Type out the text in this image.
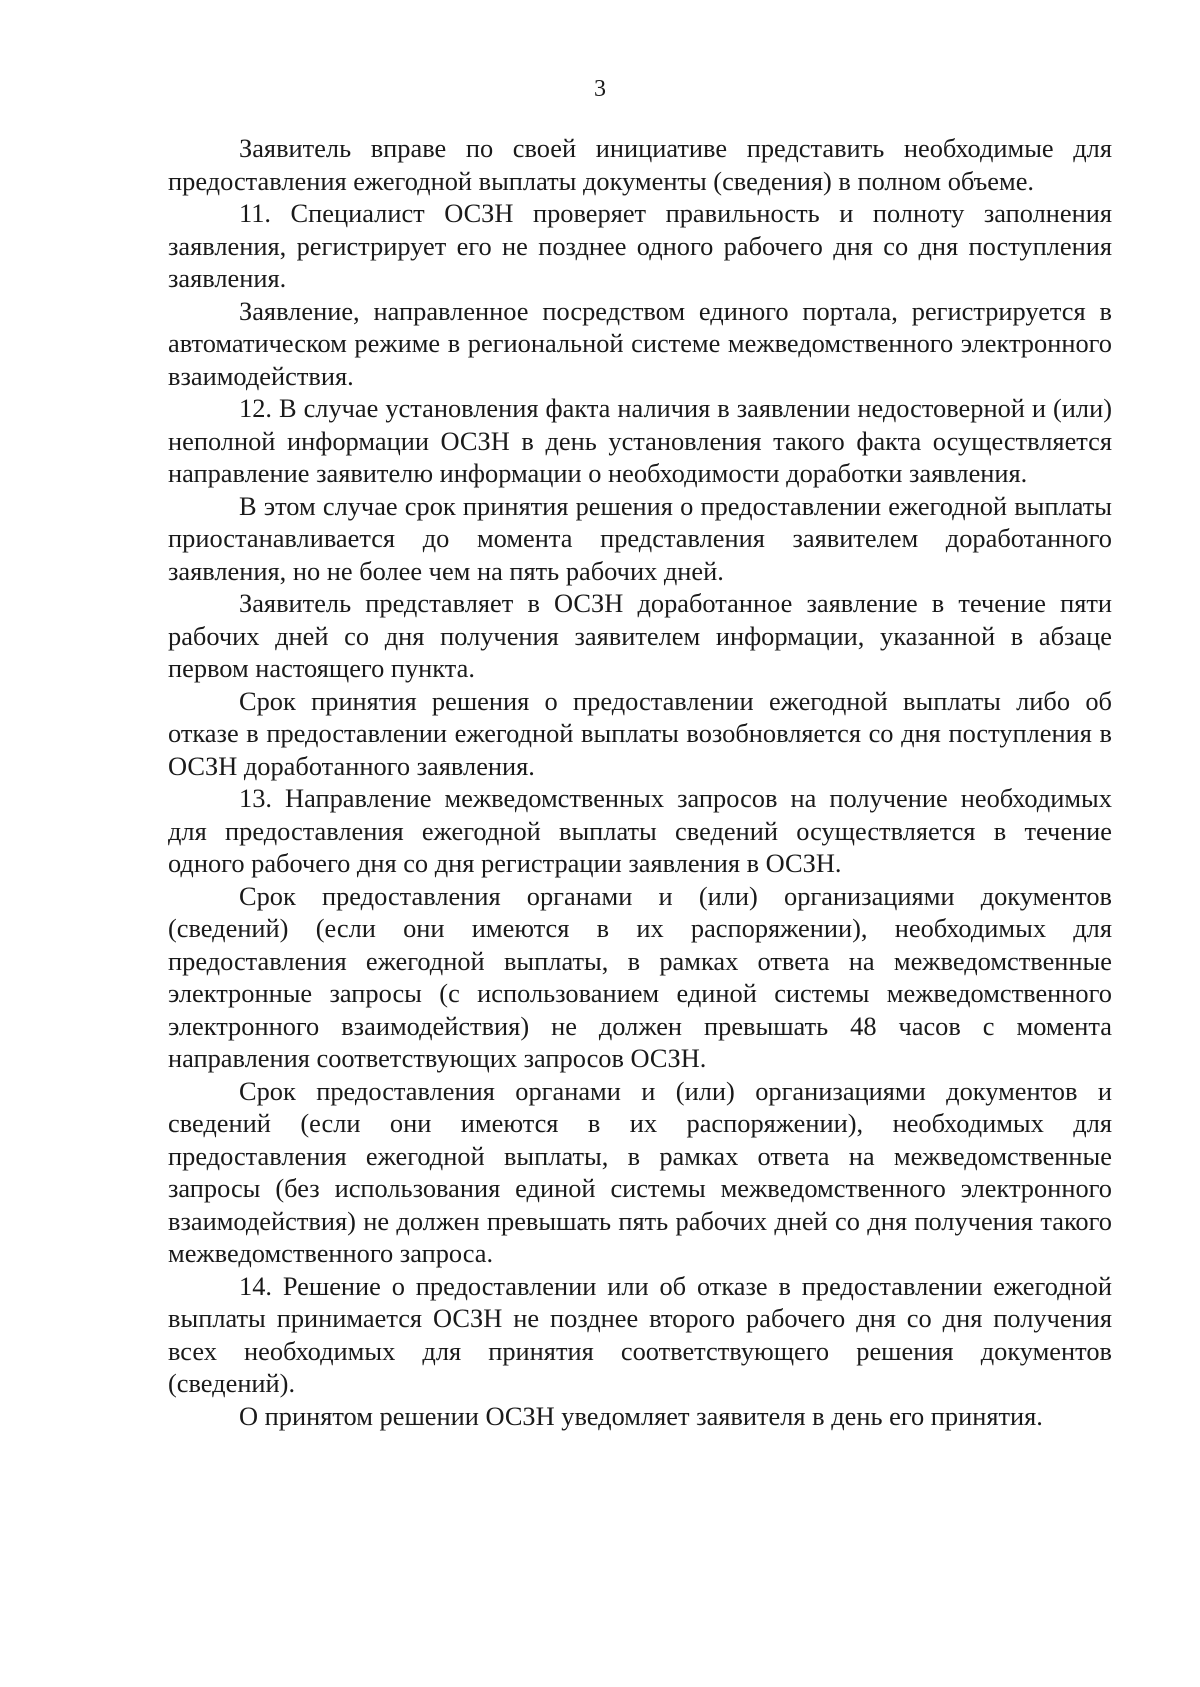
3

Заявитель вправе по своей инициативе представить необходимые для предоставления ежегодной выплаты документы (сведения) в полном объеме.

11. Специалист ОСЗН проверяет правильность и полноту заполнения заявления, регистрирует его не позднее одного рабочего дня со дня поступления заявления.

Заявление, направленное посредством единого портала, регистрируется в автоматическом режиме в региональной системе межведомственного электронного взаимодействия.

12. В случае установления факта наличия в заявлении недостоверной и (или) неполной информации ОСЗН в день установления такого факта осуществляется направление заявителю информации о необходимости доработки заявления.

В этом случае срок принятия решения о предоставлении ежегодной выплаты приостанавливается до момента представления заявителем доработанного заявления, но не более чем на пять рабочих дней.

Заявитель представляет в ОСЗН доработанное заявление в течение пяти рабочих дней со дня получения заявителем информации, указанной в абзаце первом настоящего пункта.

Срок принятия решения о предоставлении ежегодной выплаты либо об отказе в предоставлении ежегодной выплаты возобновляется со дня поступления в ОСЗН доработанного заявления.

13. Направление межведомственных запросов на получение необходимых для предоставления ежегодной выплаты сведений осуществляется в течение одного рабочего дня со дня регистрации заявления в ОСЗН.

Срок предоставления органами и (или) организациями документов (сведений) (если они имеются в их распоряжении), необходимых для предоставления ежегодной выплаты, в рамках ответа на межведомственные электронные запросы (с использованием единой системы межведомственного электронного взаимодействия) не должен превышать 48 часов с момента направления соответствующих запросов ОСЗН.

Срок предоставления органами и (или) организациями документов и сведений (если они имеются в их распоряжении), необходимых для предоставления ежегодной выплаты, в рамках ответа на межведомственные запросы (без использования единой системы межведомственного электронного взаимодействия) не должен превышать пять рабочих дней со дня получения такого межведомственного запроса.

14. Решение о предоставлении или об отказе в предоставлении ежегодной выплаты принимается ОСЗН не позднее второго рабочего дня со дня получения всех необходимых для принятия соответствующего решения документов (сведений).

О принятом решении ОСЗН уведомляет заявителя в день его принятия.
